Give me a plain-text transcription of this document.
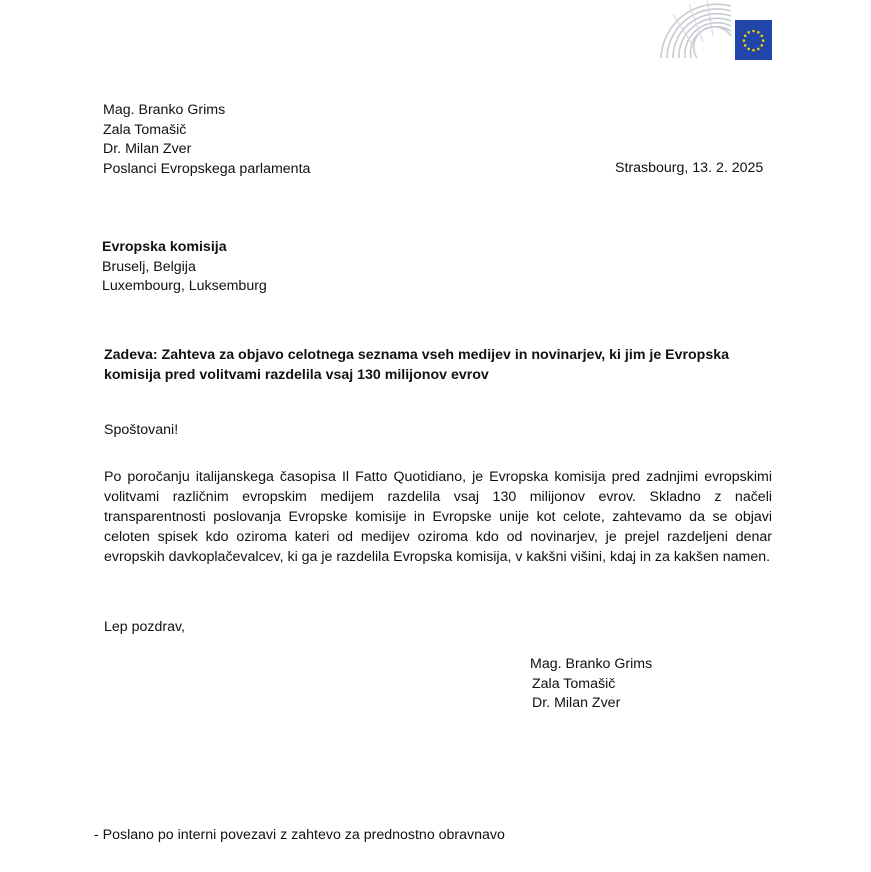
Mag. Branko Grims
Zala Tomašič
Dr. Milan Zver
Poslanci Evropskega parlamenta	Strasbourg, 13. 2. 2025
Evropska komisija
Bruselj, Belgija
Luxembourg, Luksemburg
Zadeva: Zahteva za objavo celotnega seznama vseh medijev in novinarjev, ki jim je Evropska komisija pred volitvami razdelila vsaj 130 milijonov evrov
Spoštovani!
Po poročanju italijanskega časopisa Il Fatto Quotidiano, je Evropska komisija pred zadnjimi evropskimi volitvami različnim evropskim medijem razdelila vsaj 130 milijonov evrov. Skladno z načeli transparentnosti poslovanja Evropske komisije in Evropske unije kot celote, zahtevamo da se objavi celoten spisek kdo oziroma kateri od medijev oziroma kdo od novinarjev, je prejel razdeljeni denar evropskih davkoplačevalcev, ki ga je razdelila Evropska komisija, v kakšni višini, kdaj in za kakšen namen.
Lep pozdrav,
Mag. Branko Grims
Zala Tomašič
Dr. Milan Zver
- Poslano po interni povezavi z zahtevo za prednostno obravnavo
